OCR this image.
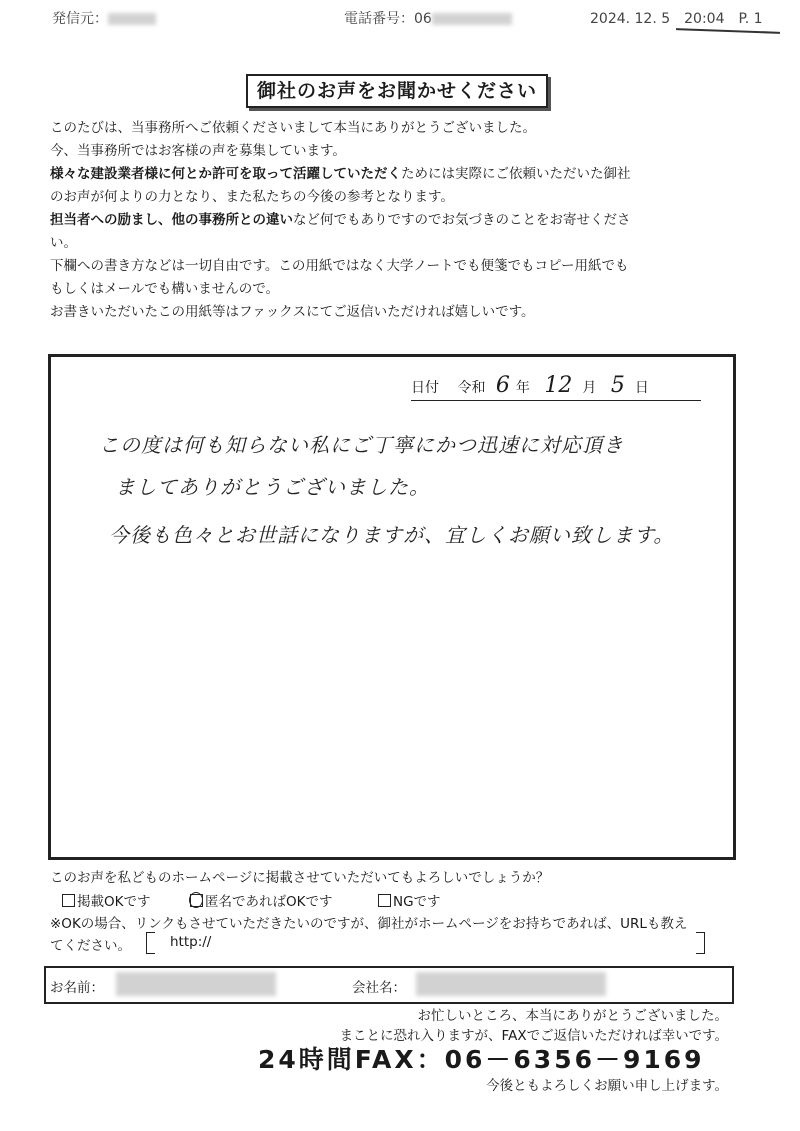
発信元：	電話番号：06	2024. 12. 5　20:04　P. 1
御社のお声をお聞かせください

このたびは、当事務所へご依頼くださいまして本当にありがとうございました。

今、当事務所ではお客様の声を募集しています。

様々な建設業者様に何とか許可を取って活躍していただくためには実際にご依頼いただいた御社

のお声が何よりの力となり、また私たちの今後の参考となります。

担当者への励まし、他の事務所との違いなど何でもありですのでお気づきのことをお寄せくださ

い。

下欄への書き方などは一切自由です。この用紙ではなく大学ノートでも便箋でもコピー用紙でも

もしくはメールでも構いませんので。

お書きいただいたこの用紙等はファックスにてご返信いただければ嬉しいです。

日付　 令和 6 年 12 月 5 日
この度は何も知らない私にご丁寧にかつ迅速に対応頂き
ましてありがとうございました。
今後も色々とお世話になりますが、宜しくお願い致します。
このお声を私どものホームページに掲載させていただいてもよろしいでしょうか？
掲載OKです	匿名であればOKです	NGです
※OKの場合、リンクもさせていただきたいのですが、御社がホームページをお持ちであれば、URLも教え
てください。	http://
お名前：	会社名：
お忙しいところ、本当にありがとうございました。
まことに恐れ入りますが、FAXでご返信いただければ幸いです。
24時間FAX：06－6356－9169
今後ともよろしくお願い申し上げます。
